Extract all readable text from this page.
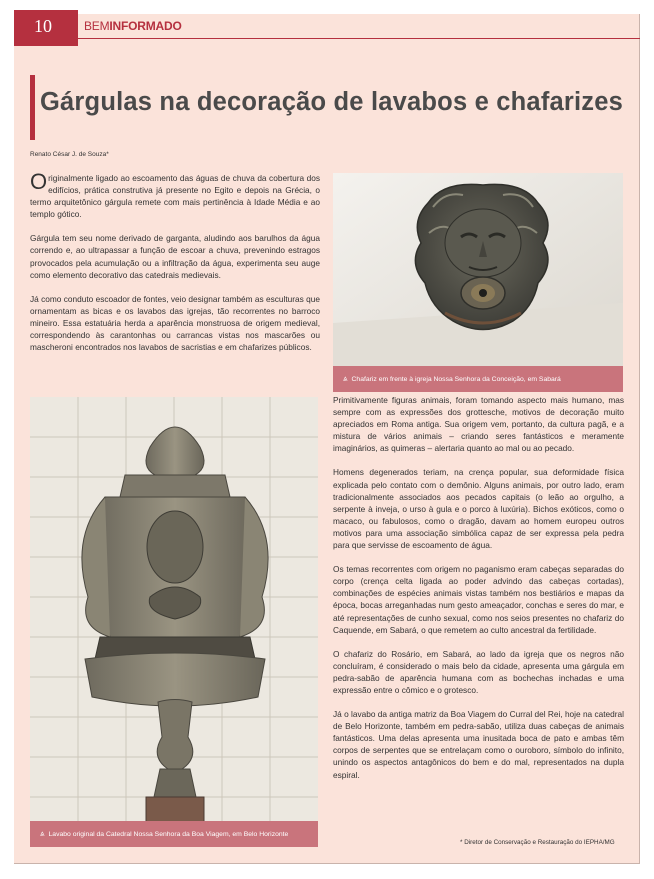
10	BEMINFORMADO
Gárgulas na decoração de lavabos e chafarizes
Renato César J. de Souza*

Originalmente ligado ao escoamento das águas de chuva da cobertura dos edifícios, prática construtiva já presente no Egito e depois na Grécia, o termo arquitetônico gárgula remete com mais pertinência à Idade Média e ao templo gótico.

Gárgula tem seu nome derivado de garganta, aludindo aos barulhos da água correndo e, ao ultrapassar a função de escoar a chuva, prevenindo estragos provocados pela acumulação ou a infiltração da água, experimenta seu auge como elemento decorativo das catedrais medievais.

Já como conduto escoador de fontes, veio designar também as esculturas que ornamentam as bicas e os lavabos das igrejas, tão recorrentes no barroco mineiro. Essa estatuária herda a aparência monstruosa de origem medieval, correspondendo às carantonhas ou carrancas vistas nos mascarões ou mascheroni encontrados nos lavabos de sacristias e em chafarizes públicos.

⩓ Chafariz em frente à igreja Nossa Senhora da Conceição, em Sabará
⩓ Lavabo original da Catedral Nossa Senhora da Boa Viagem, em Belo Horizonte

Primitivamente figuras animais, foram tomando aspecto mais humano, mas sempre com as expressões dos grottesche, motivos de decoração muito apreciados em Roma antiga. Sua origem vem, portanto, da cultura pagã, e a mistura de vários animais – criando seres fantásticos e meramente imaginários, as quimeras – alertaria quanto ao mal ou ao pecado.

Homens degenerados teriam, na crença popular, sua deformidade física explicada pelo contato com o demônio. Alguns animais, por outro lado, eram tradicionalmente associados aos pecados capitais (o leão ao orgulho, a serpente à inveja, o urso à gula e o porco à luxúria). Bichos exóticos, como o macaco, ou fabulosos, como o dragão, davam ao homem europeu outros motivos para uma associação simbólica capaz de ser expressa pela pedra para que servisse de escoamento de água.

Os temas recorrentes com origem no paganismo eram cabeças separadas do corpo (crença celta ligada ao poder advindo das cabeças cortadas), combinações de espécies animais vistas também nos bestiários e mapas da época, bocas arreganhadas num gesto ameaçador, conchas e seres do mar, e até representações de cunho sexual, como nos seios presentes no chafariz do Caquende, em Sabará, o que remetem ao culto ancestral da fertilidade.

O chafariz do Rosário, em Sabará, ao lado da igreja que os negros não concluíram, é considerado o mais belo da cidade, apresenta uma gárgula em pedra-sabão de aparência humana com as bochechas inchadas e uma expressão entre o cômico e o grotesco.

Já o lavabo da antiga matriz da Boa Viagem do Curral del Rei, hoje na catedral de Belo Horizonte, também em pedra-sabão, utiliza duas cabeças de animais fantásticos. Uma delas apresenta uma inusitada boca de pato e ambas têm corpos de serpentes que se entrelaçam como o ouroboro, símbolo do infinito, unindo os aspectos antagônicos do bem e do mal, representados na dupla espiral.

* Diretor de Conservação e Restauração do IEPHA/MG
